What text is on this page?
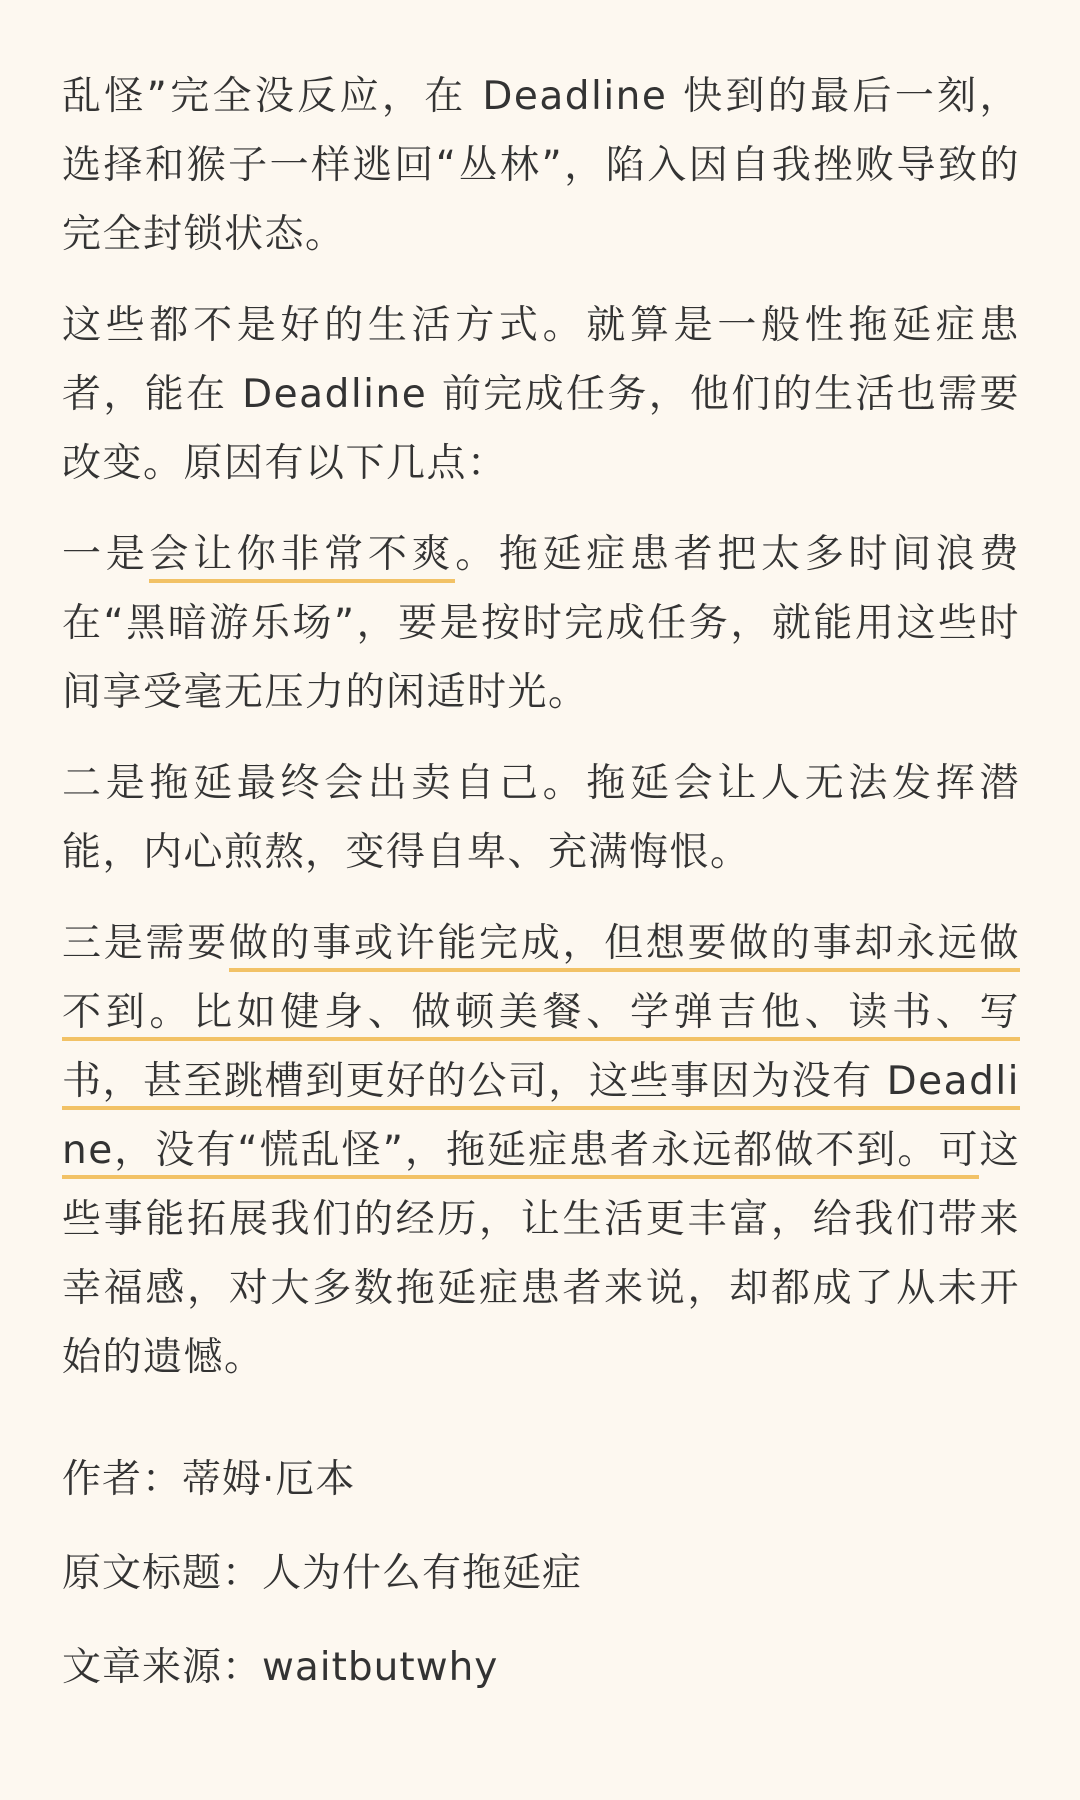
乱怪”完全没反应，在 Deadline 快到的最后一刻，选择和猴子一样逃回“丛林”，陷入因自我挫败导致的完全封锁状态。

这些都不是好的生活方式。就算是一般性拖延症患者，能在 Deadline 前完成任务，他们的生活也需要改变。原因有以下几点：

一是会让你非常不爽。拖延症患者把太多时间浪费在“黑暗游乐场”，要是按时完成任务，就能用这些时间享受毫无压力的闲适时光。

二是拖延最终会出卖自己。拖延会让人无法发挥潜能，内心煎熬，变得自卑、充满悔恨。

三是需要做的事或许能完成，但想要做的事却永远做不到。比如健身、做顿美餐、学弹吉他、读书、写书，甚至跳槽到更好的公司，这些事因为没有 Deadline，没有“慌乱怪”，拖延症患者永远都做不到。可这些事能拓展我们的经历，让生活更丰富，给我们带来幸福感，对大多数拖延症患者来说，却都成了从未开始的遗憾。

作者：蒂姆·厄本

原文标题：人为什么有拖延症

文章来源：waitbutwhy
